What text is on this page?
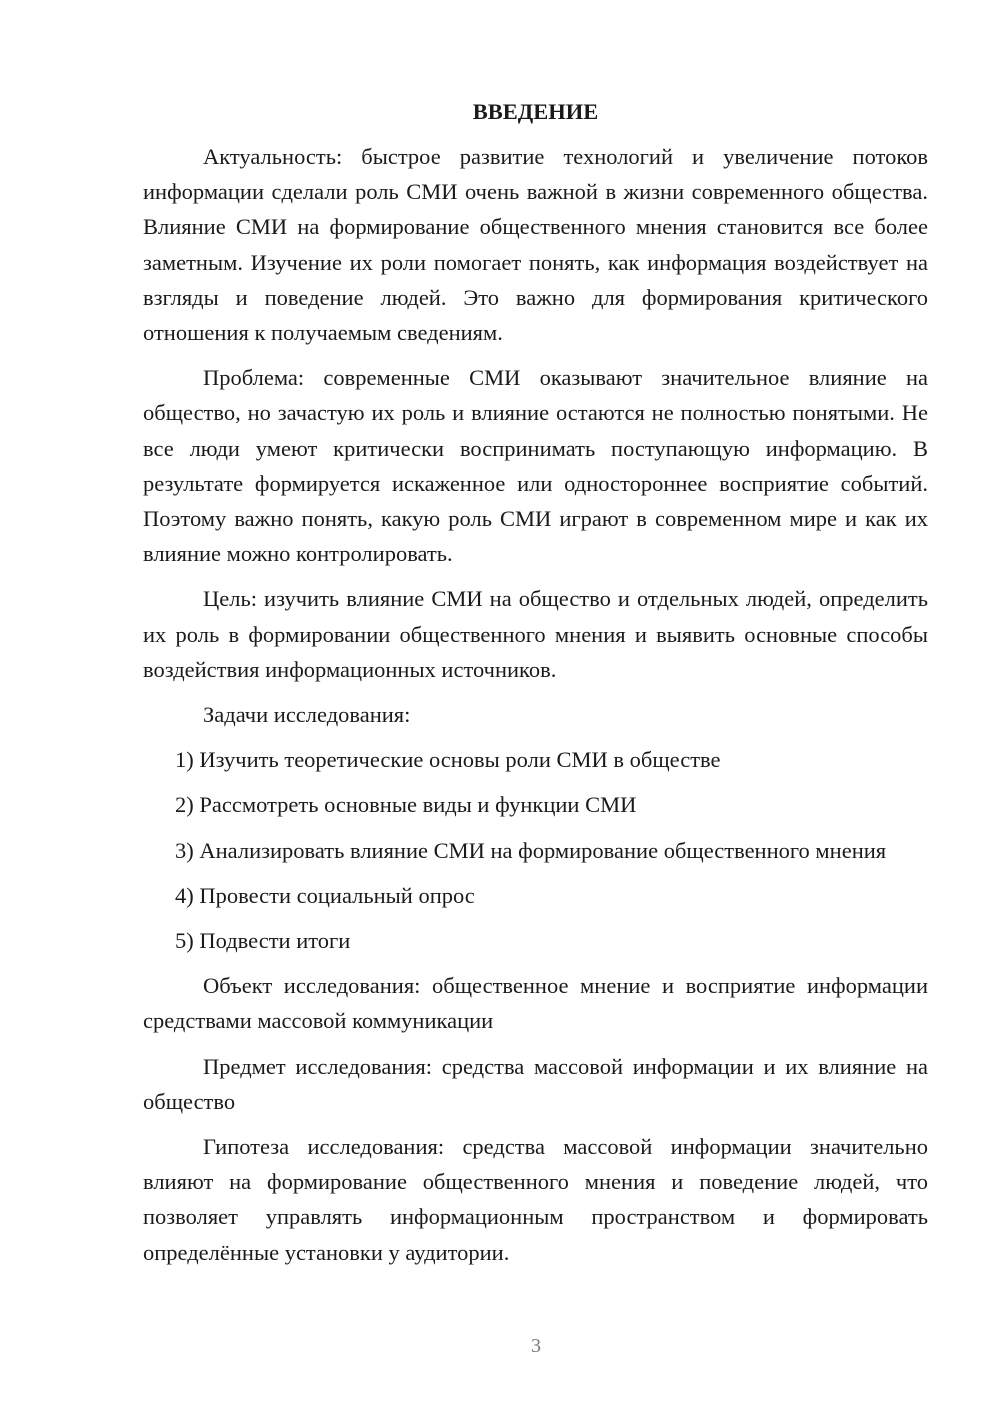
ВВЕДЕНИЕ

Актуальность: быстрое развитие технологий и увеличение потоков информации сделали роль СМИ очень важной в жизни современного общества. Влияние СМИ на формирование общественного мнения становится все более заметным. Изучение их роли помогает понять, как информация воздействует на взгляды и поведение людей. Это важно для формирования критического отношения к получаемым сведениям.

Проблема: современные СМИ оказывают значительное влияние на общество, но зачастую их роль и влияние остаются не полностью понятыми. Не все люди умеют критически воспринимать поступающую информацию. В результате формируется искаженное или одностороннее восприятие событий. Поэтому важно понять, какую роль СМИ играют в современном мире и как их влияние можно контролировать.

Цель: изучить влияние СМИ на общество и отдельных людей, определить их роль в формировании общественного мнения и выявить основные способы воздействия информационных источников.

Задачи исследования:

1) Изучить теоретические основы роли СМИ в обществе

2) Рассмотреть основные виды и функции СМИ

3) Анализировать влияние СМИ на формирование общественного мнения

4) Провести социальный опрос

5) Подвести итоги

Объект исследования: общественное мнение и восприятие информации средствами массовой коммуникации

Предмет исследования: средства массовой информации и их влияние на общество

Гипотеза исследования: средства массовой информации значительно влияют на формирование общественного мнения и поведение людей, что позволяет управлять информационным пространством и формировать определённые установки у аудитории.

3
